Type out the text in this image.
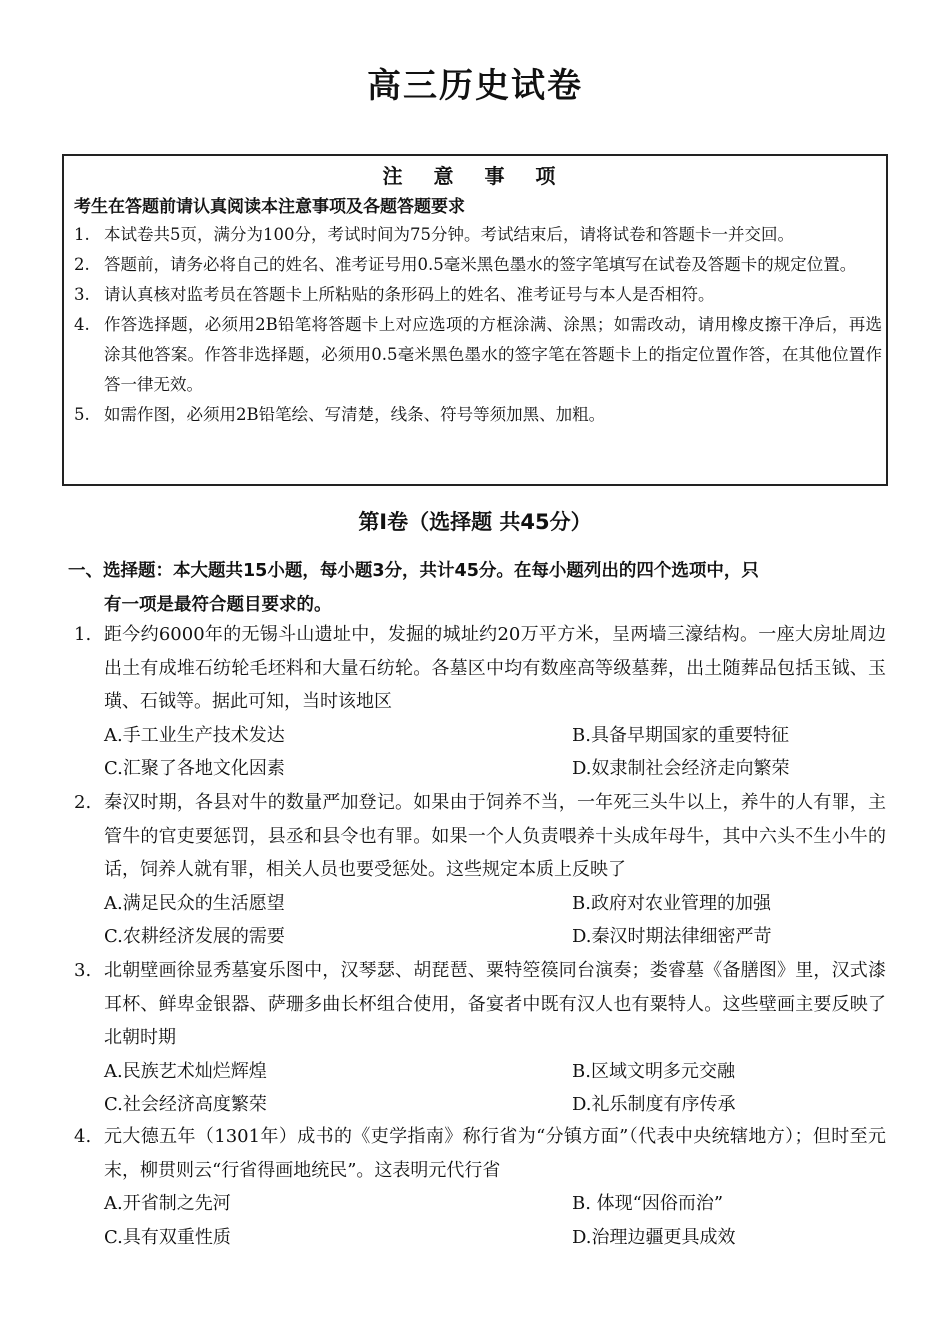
高三历史试卷
注 意 事 项
考生在答题前请认真阅读本注意事项及各题答题要求
1. 本试卷共5页，满分为100分，考试时间为75分钟。考试结束后，请将试卷和答题卡一并交回。
2. 答题前，请务必将自己的姓名、准考证号用0.5毫米黑色墨水的签字笔填写在试卷及答题卡的规定位置。
3. 请认真核对监考员在答题卡上所粘贴的条形码上的姓名、准考证号与本人是否相符。
4. 作答选择题，必须用2B铅笔将答题卡上对应选项的方框涂满、涂黑；如需改动，请用橡皮擦干净后，再选涂其他答案。作答非选择题，必须用0.5毫米黑色墨水的签字笔在答题卡上的指定位置作答，在其他位置作答一律无效。
5. 如需作图，必须用2B铅笔绘、写清楚，线条、符号等须加黑、加粗。
第Ⅰ卷（选择题 共45分）
一、选择题：本大题共15小题，每小题3分，共计45分。在每小题列出的四个选项中，只
有一项是最符合题目要求的。
1. 距今约6000年的无锡斗山遗址中，发掘的城址约20万平方米，呈两墙三濠结构。一座大房址周边出土有成堆石纺轮毛坯料和大量石纺轮。各墓区中均有数座高等级墓葬，出土随葬品包括玉钺、玉璜、石钺等。据此可知，当时该地区
A.手工业生产技术发达	B.具备早期国家的重要特征
C.汇聚了各地文化因素	D.奴隶制社会经济走向繁荣
2. 秦汉时期，各县对牛的数量严加登记。如果由于饲养不当，一年死三头牛以上，养牛的人有罪，主管牛的官吏要惩罚，县丞和县令也有罪。如果一个人负责喂养十头成年母牛，其中六头不生小牛的话，饲养人就有罪，相关人员也要受惩处。这些规定本质上反映了
A.满足民众的生活愿望	B.政府对农业管理的加强
C.农耕经济发展的需要	D.秦汉时期法律细密严苛
3. 北朝壁画徐显秀墓宴乐图中，汉琴瑟、胡琵琶、粟特箜篌同台演奏；娄睿墓《备膳图》里，汉式漆耳杯、鲜卑金银器、萨珊多曲长杯组合使用，备宴者中既有汉人也有粟特人。这些壁画主要反映了北朝时期
A.民族艺术灿烂辉煌	B.区域文明多元交融
C.社会经济高度繁荣	D.礼乐制度有序传承
4. 元大德五年（1301年）成书的《吏学指南》称行省为“分镇方面”（代表中央统辖地方）；但时至元末，柳贯则云“行省得画地统民”。这表明元代行省
A.开省制之先河	B. 体现“因俗而治”
C.具有双重性质	D.治理边疆更具成效
